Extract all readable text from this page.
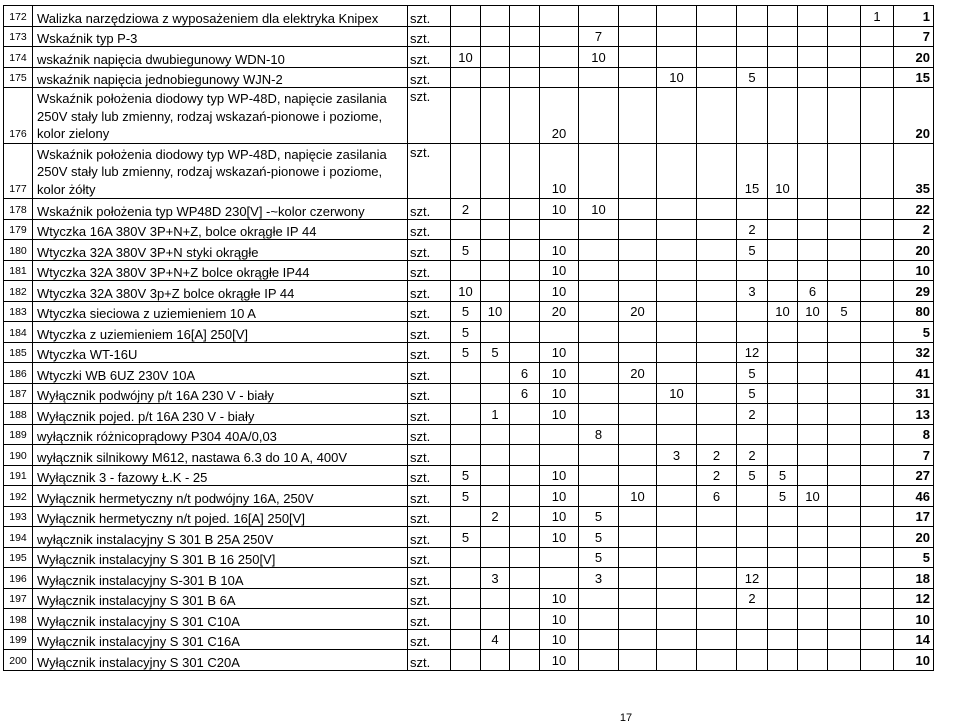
172	Walizka narzędziowa z wyposażeniem dla elektryka Knipex	szt.													1	1
173	Wskaźnik typ P-3	szt.					7									7
174	wskaźnik napięcia dwubiegunowy WDN-10	szt.	10				10									20
175	wskaźnik napięcia jednobiegunowy WJN-2	szt.							10		5					15
176	Wskaźnik położenia diodowy typ WP-48D, napięcie zasilania 250V stały lub zmienny, rodzaj wskazań-pionowe i poziome, kolor zielony	szt.				20										20
177	Wskaźnik położenia diodowy typ WP-48D, napięcie zasilania 250V stały lub zmienny, rodzaj wskazań-pionowe i poziome, kolor żółty	szt.				10					15	10				35
178	Wskaźnik położenia typ WP48D 230[V] -~kolor czerwony	szt.	2			10	10									22
179	Wtyczka 16A 380V 3P+N+Z, bolce okrągłe IP 44	szt.									2					2
180	Wtyczka 32A 380V 3P+N styki okrągłe	szt.	5			10					5					20
181	Wtyczka 32A 380V 3P+N+Z bolce okrągłe IP44	szt.				10										10
182	Wtyczka 32A 380V 3p+Z bolce okrągłe IP 44	szt.	10			10					3		6			29
183	Wtyczka sieciowa z uziemieniem 10 A	szt.	5	10		20		20				10	10	5		80
184	Wtyczka z uziemieniem 16[A] 250[V]	szt.	5													5
185	Wtyczka WT-16U	szt.	5	5		10					12					32
186	Wtyczki WB 6UZ 230V 10A	szt.			6	10		20			5					41
187	Wyłącznik podwójny p/t 16A 230 V - biały	szt.			6	10			10		5					31
188	Wyłącznik pojed. p/t 16A 230 V - biały	szt.		1		10					2					13
189	wyłącznik różnicoprądowy P304 40A/0,03	szt.					8									8
190	wyłącznik silnikowy M612, nastawa 6.3 do 10 A, 400V	szt.							3	2	2					7
191	Wyłącznik 3 - fazowy Ł.K - 25	szt.	5			10				2	5	5				27
192	Wyłącznik hermetyczny n/t podwójny 16A, 250V	szt.	5			10		10		6		5	10			46
193	Wyłącznik hermetyczny n/t pojed. 16[A] 250[V]	szt.		2		10	5									17
194	wyłącznik instalacyjny S 301 B 25A 250V	szt.	5			10	5									20
195	Wyłącznik instalacyjny S 301 B 16 250[V]	szt.					5									5
196	Wyłącznik instalacyjny S-301 B 10A	szt.		3			3				12					18
197	Wyłącznik instalacyjny S 301 B 6A	szt.				10					2					12
198	Wyłącznik instalacyjny S 301 C10A	szt.				10										10
199	Wyłącznik instalacyjny S 301 C16A	szt.		4		10										14
200	Wyłącznik instalacyjny S 301 C20A	szt.				10										10
17
